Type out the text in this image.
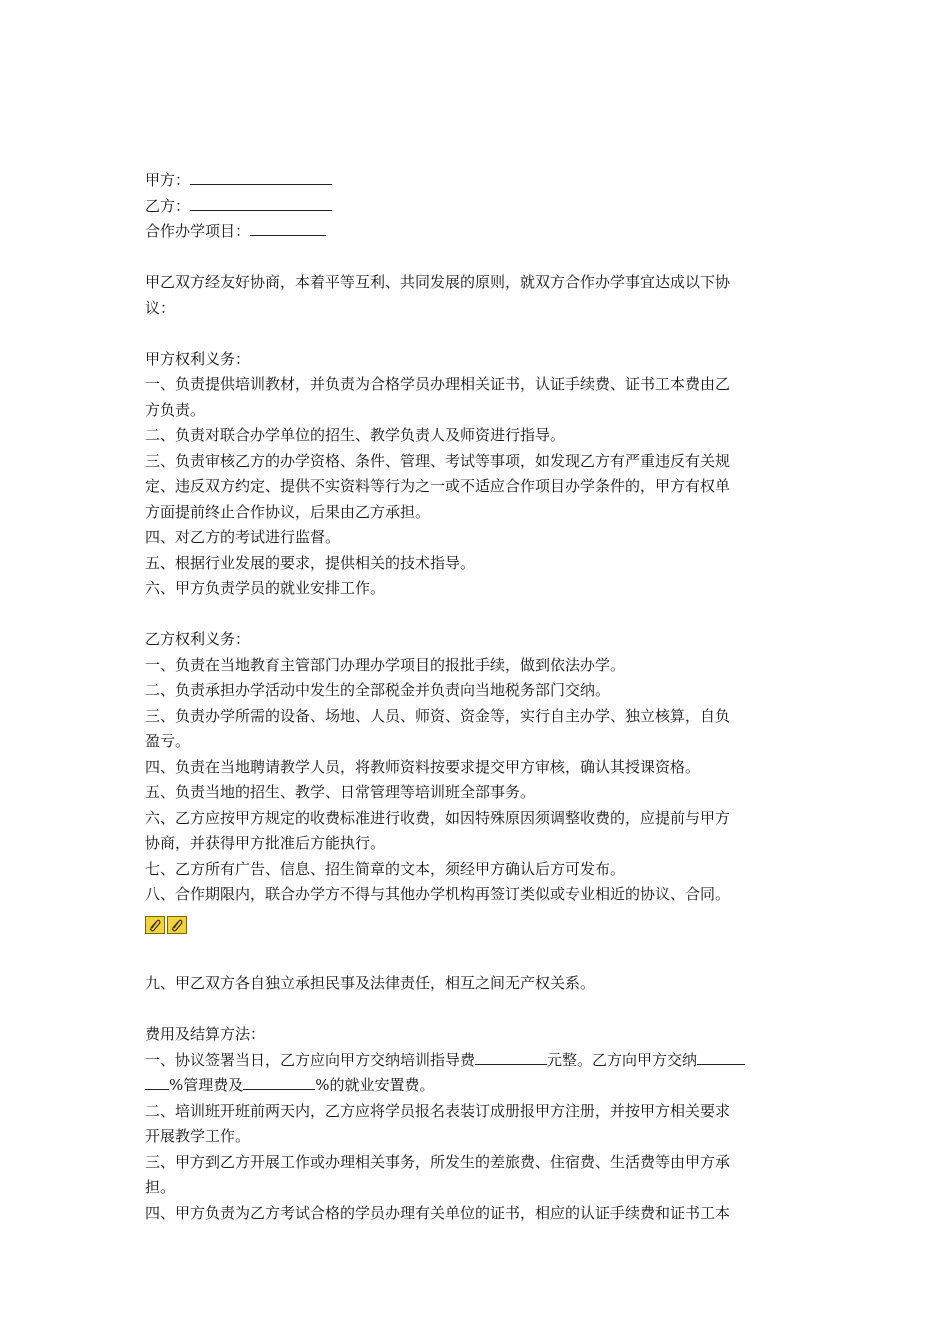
甲方：
乙方：
合作办学项目：
甲乙双方经友好协商，本着平等互利、共同发展的原则，就双方合作办学事宜达成以下协
议：
甲方权利义务：
一、负责提供培训教材，并负责为合格学员办理相关证书，认证手续费、证书工本费由乙
方负责。
二、负责对联合办学单位的招生、教学负责人及师资进行指导。
三、负责审核乙方的办学资格、条件、管理、考试等事项，如发现乙方有严重违反有关规
定、违反双方约定、提供不实资料等行为之一或不适应合作项目办学条件的，甲方有权单
方面提前终止合作协议，后果由乙方承担。
四、对乙方的考试进行监督。
五、根据行业发展的要求，提供相关的技术指导。
六、甲方负责学员的就业安排工作。
乙方权利义务：
一、负责在当地教育主管部门办理办学项目的报批手续，做到依法办学。
二、负责承担办学活动中发生的全部税金并负责向当地税务部门交纳。
三、负责办学所需的设备、场地、人员、师资、资金等，实行自主办学、独立核算，自负
盈亏。
四、负责在当地聘请教学人员，将教师资料按要求提交甲方审核，确认其授课资格。
五、负责当地的招生、教学、日常管理等培训班全部事务。
六、乙方应按甲方规定的收费标准进行收费，如因特殊原因须调整收费的，应提前与甲方
协商，并获得甲方批准后方能执行。
七、乙方所有广告、信息、招生简章的文本，须经甲方确认后方可发布。
八、合作期限内，联合办学方不得与其他办学机构再签订类似或专业相近的协议、合同。
九、甲乙双方各自独立承担民事及法律责任，相互之间无产权关系。
费用及结算方法：
一、协议签署当日，乙方应向甲方交纳培训指导费	元整。乙方向甲方交纳
%管理费及	%的就业安置费。
二、培训班开班前两天内，乙方应将学员报名表装订成册报甲方注册，并按甲方相关要求
开展教学工作。
三、甲方到乙方开展工作或办理相关事务，所发生的差旅费、住宿费、生活费等由甲方承
担。
四、甲方负责为乙方考试合格的学员办理有关单位的证书，相应的认证手续费和证书工本
